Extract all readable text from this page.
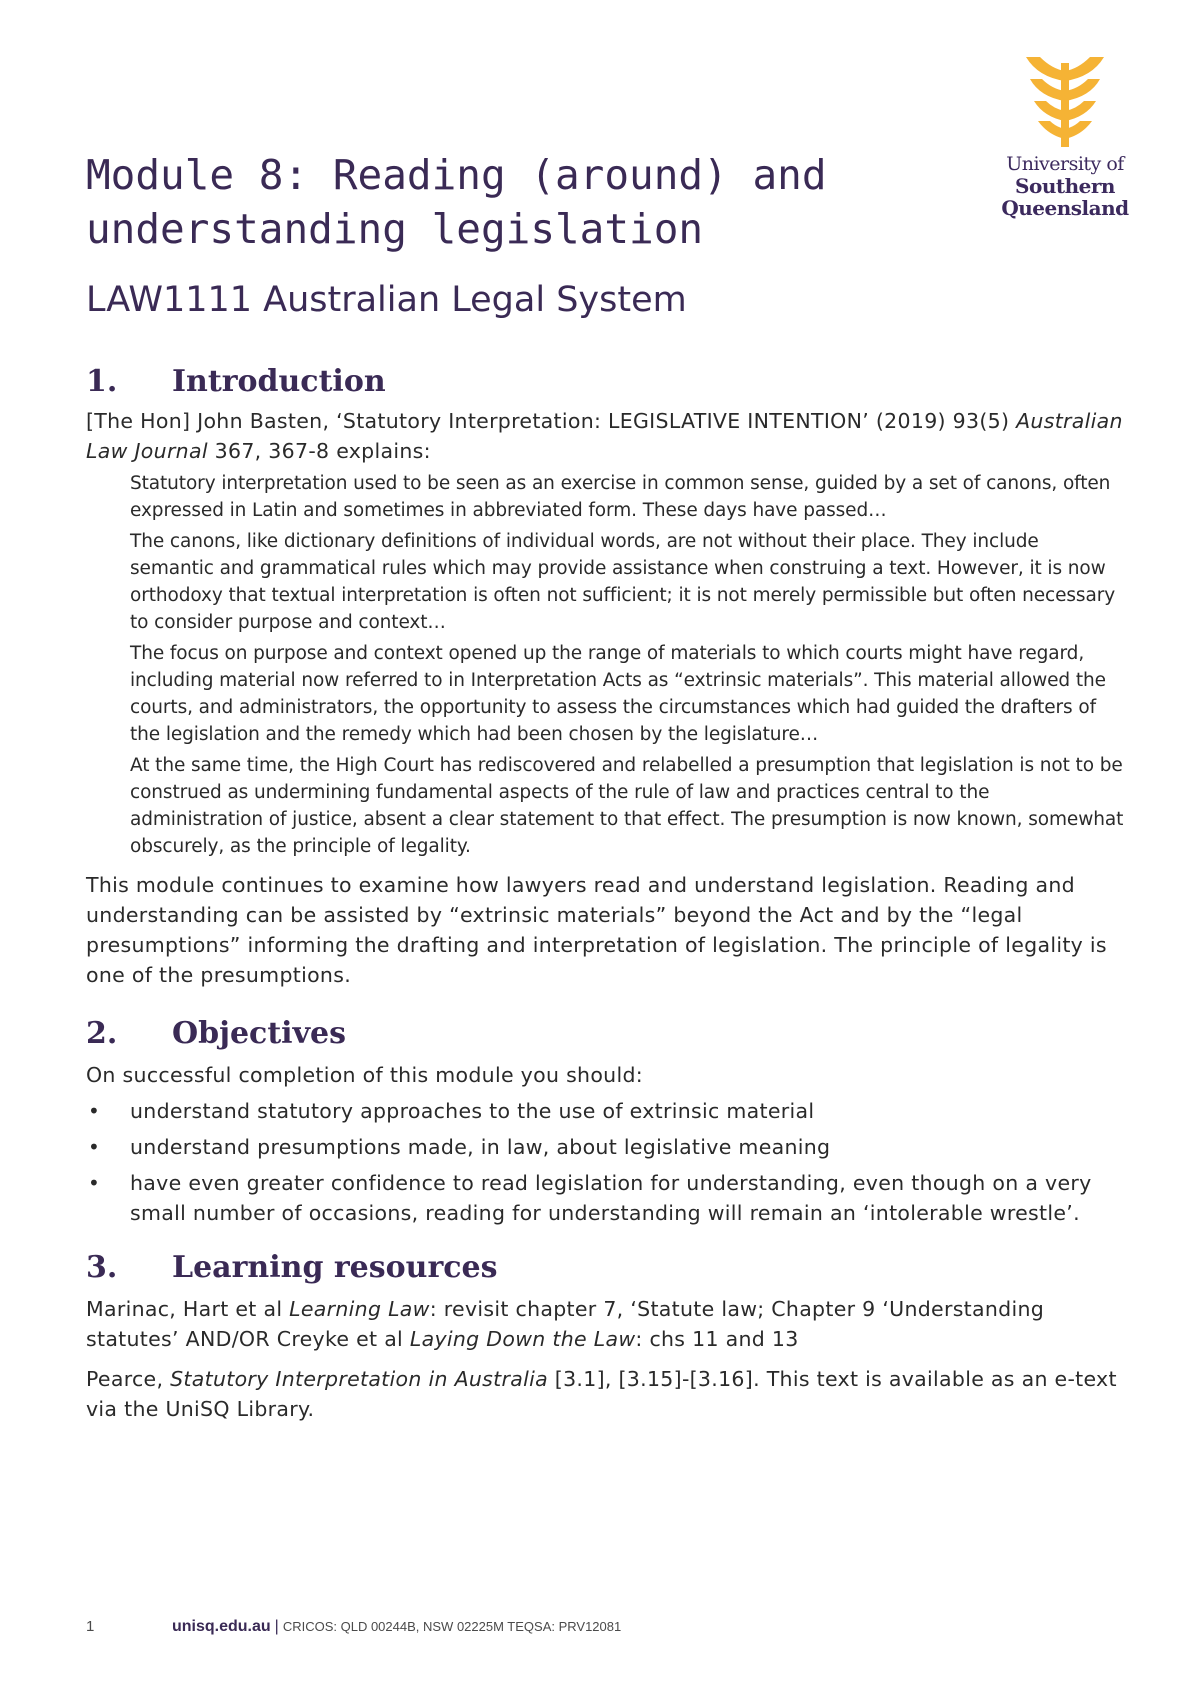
University of
Southern
Queensland
Module 8: Reading (around) and understanding legislation
LAW1111 Australian Legal System
1.	Introduction

[The Hon] John Basten, ‘Statutory Interpretation: LEGISLATIVE INTENTION’ (2019) 93(5) Australian Law Journal 367, 367-8 explains:

Statutory interpretation used to be seen as an exercise in common sense, guided by a set of canons, often expressed in Latin and sometimes in abbreviated form. These days have passed…

The canons, like dictionary definitions of individual words, are not without their place. They include semantic and grammatical rules which may provide assistance when construing a text. However, it is now orthodoxy that textual interpretation is often not sufficient; it is not merely permissible but often necessary to consider purpose and context…

The focus on purpose and context opened up the range of materials to which courts might have regard, including material now referred to in Interpretation Acts as “extrinsic materials”. This material allowed the courts, and administrators, the opportunity to assess the circumstances which had guided the drafters of the legislation and the remedy which had been chosen by the legislature…

At the same time, the High Court has rediscovered and relabelled a presumption that legislation is not to be construed as undermining fundamental aspects of the rule of law and practices central to the administration of justice, absent a clear statement to that effect. The presumption is now known, somewhat obscurely, as the principle of legality.

This module continues to examine how lawyers read and understand legislation. Reading and understanding can be assisted by “extrinsic materials” beyond the Act and by the “legal presumptions” informing the drafting and interpretation of legislation. The principle of legality is one of the presumptions.

2.	Objectives

On successful completion of this module you should:

• understand statutory approaches to the use of extrinsic material
• understand presumptions made, in law, about legislative meaning
• have even greater confidence to read legislation for understanding, even though on a very small number of occasions, reading for understanding will remain an ‘intolerable wrestle’.
3.	Learning resources

Marinac, Hart et al Learning Law: revisit chapter 7, ‘Statute law; Chapter 9 ‘Understanding statutes’ AND/OR Creyke et al Laying Down the Law: chs 11 and 13

Pearce, Statutory Interpretation in Australia [3.1], [3.15]-[3.16]. This text is available as an e-text via the UniSQ Library.

1	unisq.edu.au | CRICOS: QLD 00244B, NSW 02225M TEQSA: PRV12081
